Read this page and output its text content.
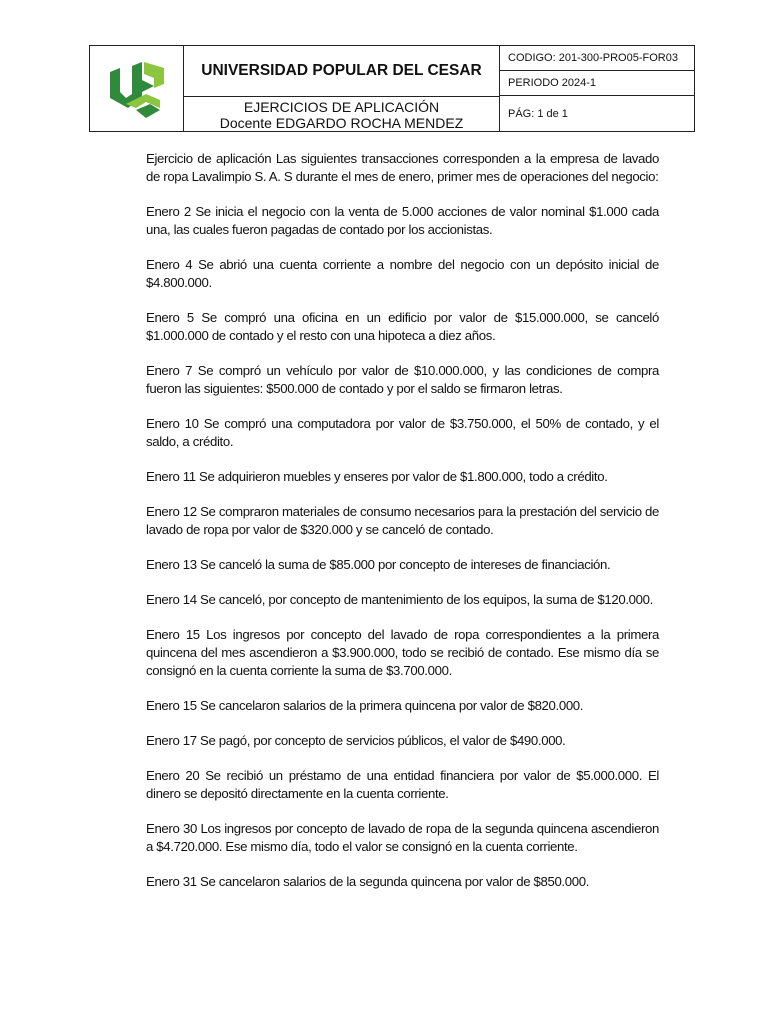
UNIVERSIDAD POPULAR DEL CESAR
EJERCICIOS DE APLICACIÓN
Docente EDGARDO ROCHA MENDEZ
CODIGO: 201-300-PRO05-FOR03
PERIODO 2024-1
PÁG: 1 de 1

Ejercicio de aplicación Las siguientes transacciones corresponden a la empresa de lavado de ropa Lavalimpio S. A. S durante el mes de enero, primer mes de operaciones del negocio:

Enero 2 Se inicia el negocio con la venta de 5.000 acciones de valor nominal $1.000 cada una, las cuales fueron pagadas de contado por los accionistas.

Enero 4 Se abrió una cuenta corriente a nombre del negocio con un depósito inicial de $4.800.000.

Enero 5 Se compró una oficina en un edificio por valor de $15.000.000, se canceló $1.000.000 de contado y el resto con una hipoteca a diez años.

Enero 7 Se compró un vehículo por valor de $10.000.000, y las condiciones de compra fueron las siguientes: $500.000 de contado y por el saldo se firmaron letras.

Enero 10 Se compró una computadora por valor de $3.750.000, el 50% de contado, y el saldo, a crédito.

Enero 11 Se adquirieron muebles y enseres por valor de $1.800.000, todo a crédito.

Enero 12 Se compraron materiales de consumo necesarios para la prestación del servicio de lavado de ropa por valor de $320.000 y se canceló de contado.

Enero 13 Se canceló la suma de $85.000 por concepto de intereses de financiación.

Enero 14 Se canceló, por concepto de mantenimiento de los equipos, la suma de $120.000.

Enero 15 Los ingresos por concepto del lavado de ropa correspondientes a la primera quincena del mes ascendieron a $3.900.000, todo se recibió de contado. Ese mismo día se consignó en la cuenta corriente la suma de $3.700.000.

Enero 15 Se cancelaron salarios de la primera quincena por valor de $820.000.

Enero 17 Se pagó, por concepto de servicios públicos, el valor de $490.000.

Enero 20 Se recibió un préstamo de una entidad financiera por valor de $5.000.000. El dinero se depositó directamente en la cuenta corriente.

Enero 30 Los ingresos por concepto de lavado de ropa de la segunda quincena ascendieron a $4.720.000. Ese mismo día, todo el valor se consignó en la cuenta corriente.

Enero 31 Se cancelaron salarios de la segunda quincena por valor de $850.000.
